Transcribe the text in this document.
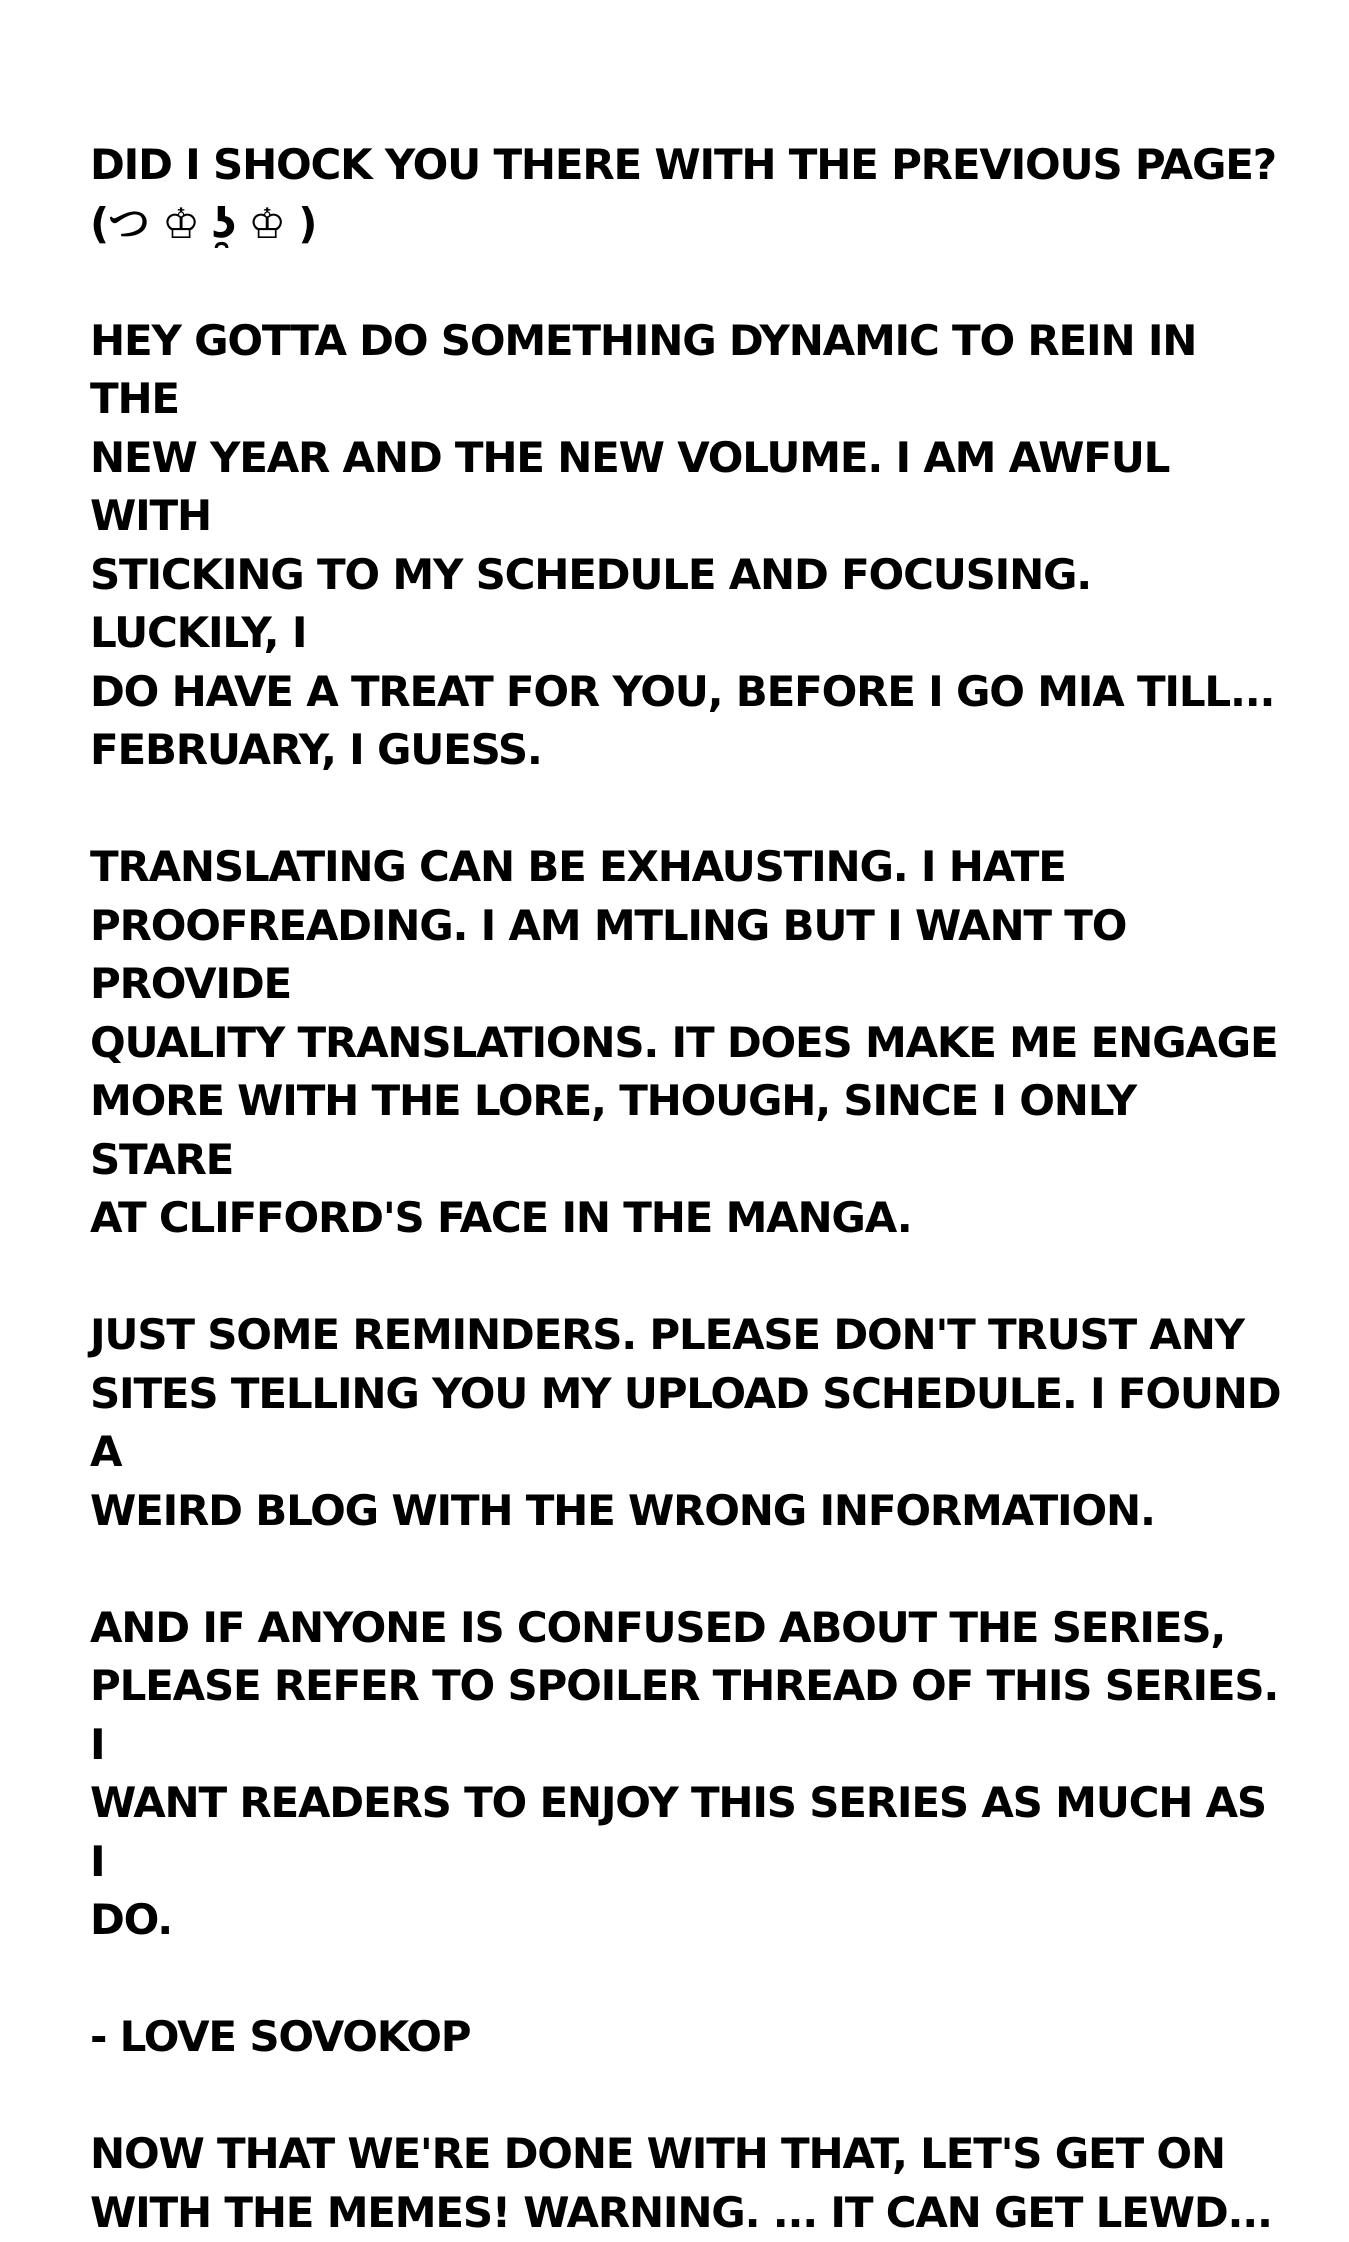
DID I SHOCK YOU THERE WITH THE PREVIOUS PAGE?
(つ ♔ ʖ̯ ♔ )

HEY GOTTA DO SOMETHING DYNAMIC TO REIN IN THE
NEW YEAR AND THE NEW VOLUME. I AM AWFUL WITH
STICKING TO MY SCHEDULE AND FOCUSING. LUCKILY, I
DO HAVE A TREAT FOR YOU, BEFORE I GO MIA TILL...
FEBRUARY, I GUESS.

TRANSLATING CAN BE EXHAUSTING. I HATE
PROOFREADING. I AM MTLING BUT I WANT TO PROVIDE
QUALITY TRANSLATIONS. IT DOES MAKE ME ENGAGE
MORE WITH THE LORE, THOUGH, SINCE I ONLY STARE
AT CLIFFORD'S FACE IN THE MANGA.

JUST SOME REMINDERS. PLEASE DON'T TRUST ANY
SITES TELLING YOU MY UPLOAD SCHEDULE. I FOUND A
WEIRD BLOG WITH THE WRONG INFORMATION.

AND IF ANYONE IS CONFUSED ABOUT THE SERIES,
PLEASE REFER TO SPOILER THREAD OF THIS SERIES. I
WANT READERS TO ENJOY THIS SERIES AS MUCH AS I
DO.

- LOVE SOVOKOP

NOW THAT WE'RE DONE WITH THAT, LET'S GET ON
WITH THE MEMES! WARNING. ... IT CAN GET LEWD...
